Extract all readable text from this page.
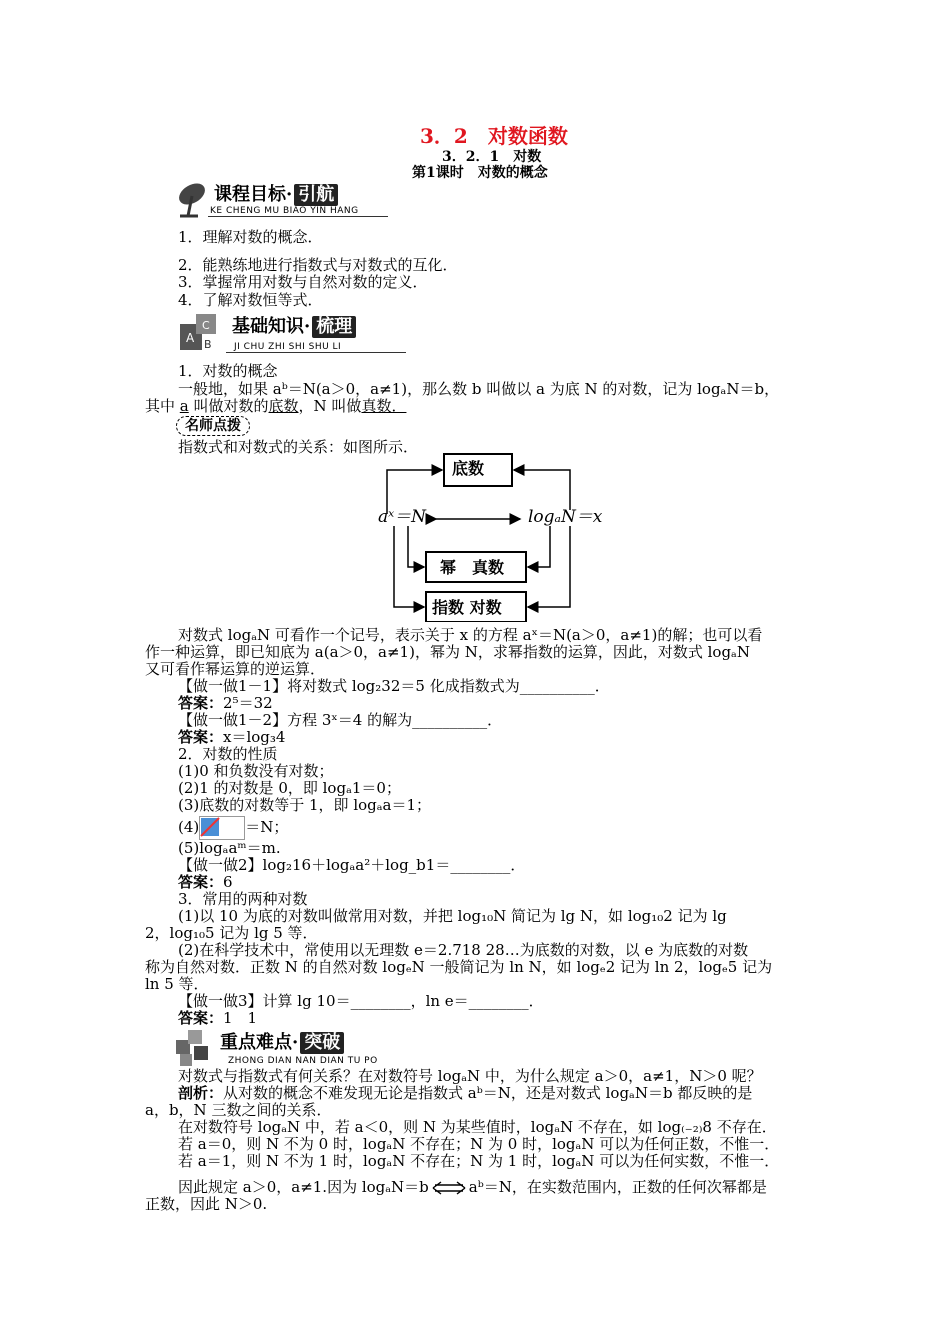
3．2　对数函数
3．2．1　对数
第1课时　对数的概念
课程目标· 引航
KE CHENG MU BIAO YIN HANG
1．理解对数的概念．
2．能熟练地进行指数式与对数式的互化．
3．掌握常用对数与自然对数的定义．
4．了解对数恒等式．
A
C
B
基础知识· 梳理
JI CHU ZHI SHI SHU LI
1．对数的概念
一般地，如果 aᵇ＝N(a＞0，a≠1)，那么数 b 叫做以 a 为底 N 的对数，记为 logₐN＝b，
其中 a 叫做对数的底数，N 叫做真数．
名师点拨
指数式和对数式的关系：如图所示．
底数
aˣ＝N	logₐN＝x
幂　真数
指数 对数
对数式 logₐN 可看作一个记号，表示关于 x 的方程 aˣ＝N(a＞0，a≠1)的解；也可以看
作一种运算，即已知底为 a(a＞0，a≠1)，幂为 N，求幂指数的运算，因此，对数式 logₐN
又可看作幂运算的逆运算．
【做一做1－1】将对数式 log₂32＝5 化成指数式为__________．
答案：2⁵＝32
【做一做1－2】方程 3ˣ＝4 的解为__________．
答案：x＝log₃4
2．对数的性质
(1)0 和负数没有对数；
(2)1 的对数是 0，即 logₐ1＝0；
(3)底数的对数等于 1，即 logₐa＝1；
(4)	＝N；
(5)logₐaᵐ＝m.
【做一做2】log₂16＋logₐa²＋log_b1＝________．
答案：6
3．常用的两种对数
(1)以 10 为底的对数叫做常用对数，并把 log₁₀N 简记为 lg N，如 log₁₀2 记为 lg
2，log₁₀5 记为 lg 5 等．
(2)在科学技术中，常使用以无理数 e＝2.718 28…为底数的对数，以 e 为底数的对数
称为自然对数．正数 N 的自然对数 logₑN 一般简记为 ln N，如 logₑ2 记为 ln 2，logₑ5 记为
ln 5 等．
【做一做3】计算 lg 10＝________，ln e＝________．
答案：1　1
重点难点· 突破
ZHONG DIAN NAN DIAN TU PO
对数式与指数式有何关系？在对数符号 logₐN 中，为什么规定 a＞0，a≠1，N＞0 呢？
剖析：从对数的概念不难发现无论是指数式 aᵇ＝N，还是对数式 logₐN＝b 都反映的是
a，b，N 三数之间的关系．
在对数符号 logₐN 中，若 a＜0，则 N 为某些值时，logₐN 不存在，如 log₍₋₂₎8 不存在．
若 a＝0，则 N 不为 0 时，logₐN 不存在；N 为 0 时，logₐN 可以为任何正数，不惟一．
若 a＝1，则 N 不为 1 时，logₐN 不存在；N 为 1 时，logₐN 可以为任何实数，不惟一．
因此规定 a＞0，a≠1.因为 logₐN＝b	aᵇ＝N，在实数范围内，正数的任何次幂都是
正数，因此 N＞0.
